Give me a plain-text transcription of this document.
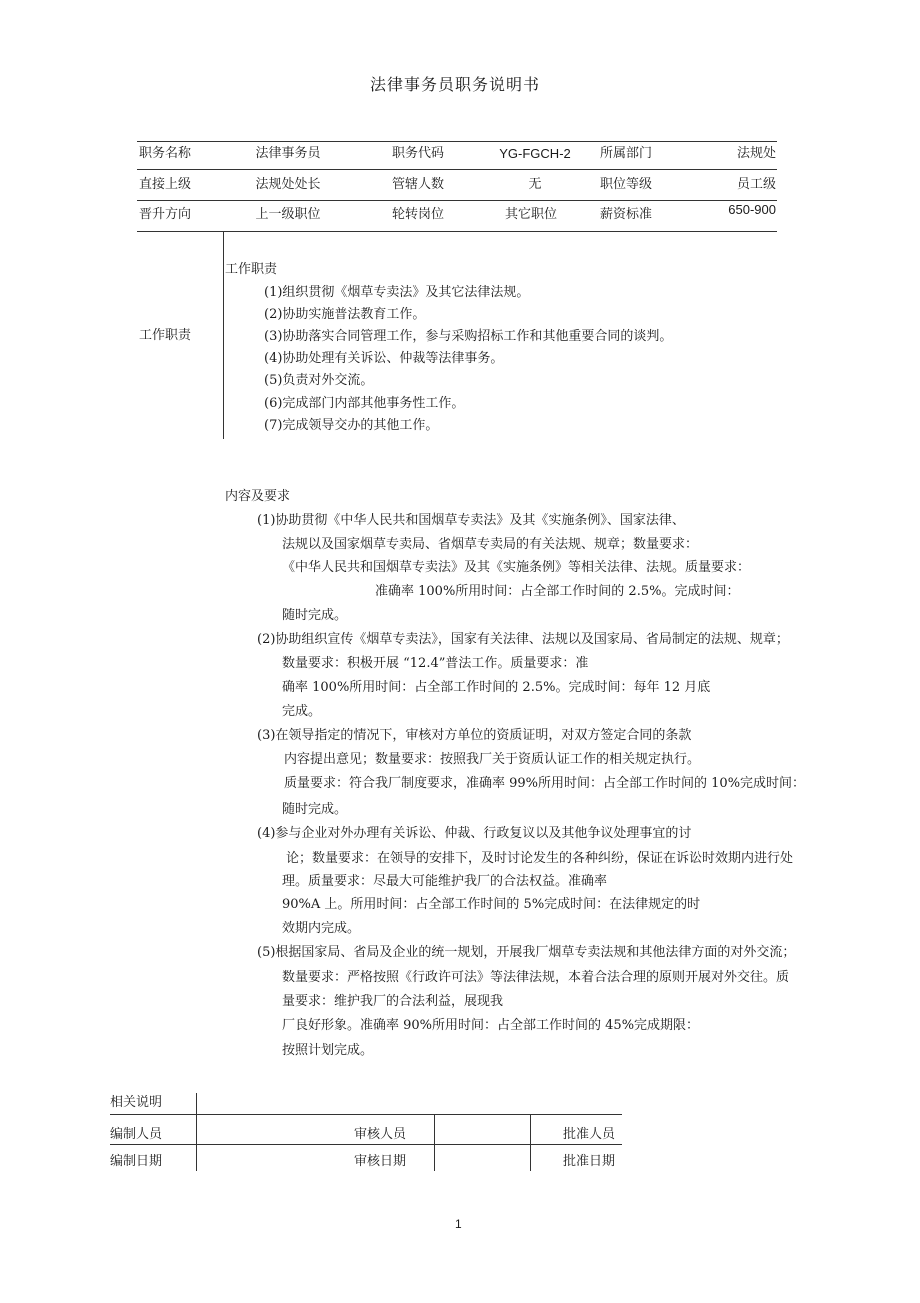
法律事务员职务说明书
职务名称	法律事务员	职务代码	YG-FGCH-2	所属部门	法规处
直接上级	法规处处长	管辖人数	无	职位等级	员工级
晋升方向	上一级职位	轮转岗位	其它职位	薪资标准	650-900
工作职责
工作职责
(1)组织贯彻《烟草专卖法》及其它法律法规。
(2)协助实施普法教育工作。
(3)协助落实合同管理工作，参与采购招标工作和其他重要合同的谈判。
(4)协助处理有关诉讼、仲裁等法律事务。
(5)负责对外交流。
(6)完成部门内部其他事务性工作。
(7)完成领导交办的其他工作。
内容及要求
(1)协助贯彻《中华人民共和国烟草专卖法》及其《实施条例》、国家法律、
法规以及国家烟草专卖局、省烟草专卖局的有关法规、规章；数量要求：
《中华人民共和国烟草专卖法》及其《实施条例》等相关法律、法规。质量要求：
准确率 100%所用时间：占全部工作时间的 2.5%。完成时间：
随时完成。
(2)协助组织宣传《烟草专卖法》，国家有关法律、法规以及国家局、省局制定的法规、规章；
数量要求：积极开展 “12.4”普法工作。质量要求：准
确率 100%所用时间：占全部工作时间的 2.5%。完成时间：每年 12 月底
完成。
(3)在领导指定的情况下，审核对方单位的资质证明，对双方签定合同的条款
内容提出意见；数量要求：按照我厂关于资质认证工作的相关规定执行。
质量要求：符合我厂制度要求，准确率 99%所用时间：占全部工作时间的 10%完成时间：
随时完成。
(4)参与企业对外办理有关诉讼、仲裁、行政复议以及其他争议处理事宜的讨
论；数量要求：在领导的安排下，及时讨论发生的各种纠纷，保证在诉讼时效期内进行处
理。质量要求：尽最大可能维护我厂的合法权益。准确率
90%A 上。所用时间：占全部工作时间的 5%完成时间：在法律规定的时
效期内完成。
(5)根据国家局、省局及企业的统一规划，开展我厂烟草专卖法规和其他法律方面的对外交流；
数量要求：严格按照《行政许可法》等法律法规，本着合法合理的原则开展对外交往。质
量要求：维护我厂的合法利益，展现我
厂良好形象。准确率 90%所用时间：占全部工作时间的 45%完成期限：
按照计划完成。
相关说明
编制人员	审核人员	批准人员
编制日期	审核日期	批准日期
1
